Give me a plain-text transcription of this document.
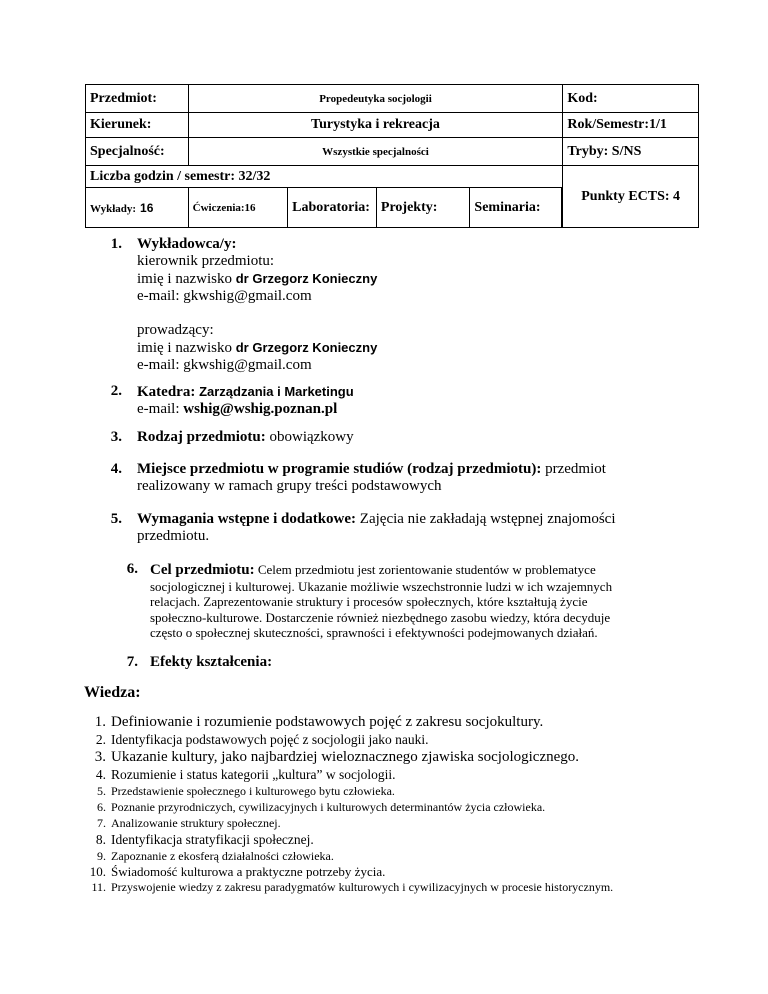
Przedmiot:	Propedeutyka socjologii				Kod:
Kierunek:	Turystyka i rekreacja				Rok/Semestr:1/1
Specjalność:	Wszystkie specjalności				Tryby: S/NS
Liczba godzin / semestr: 32/32					Punkty ECTS: 4
Wykłady: 16	Ćwiczenia:16	Laboratoria:	Projekty:	Seminaria:	
1. Wykładowca/y:
kierownik przedmiotu:
imię i nazwisko dr Grzegorz Konieczny
e-mail: gkwshig@gmail.com
prowadzący:
imię i nazwisko dr Grzegorz Konieczny
e-mail: gkwshig@gmail.com
2. Katedra: Zarządzania i Marketingu
e-mail: wshig@wshig.poznan.pl
3. Rodzaj przedmiotu: obowiązkowy
4. Miejsce przedmiotu w programie studiów (rodzaj przedmiotu): przedmiot
realizowany w ramach grupy treści podstawowych
5. Wymagania wstępne i dodatkowe: Zajęcia nie zakładają wstępnej znajomości
przedmiotu.
6. Cel przedmiotu: Celem przedmiotu jest zorientowanie studentów w problematyce
socjologicznej i kulturowej. Ukazanie możliwie wszechstronnie ludzi w ich wzajemnych
relacjach. Zaprezentowanie struktury i procesów społecznych, które kształtują życie
społeczno-kulturowe. Dostarczenie również niezbędnego zasobu wiedzy, która decyduje
często o społecznej skuteczności, sprawności i efektywności podejmowanych działań.
7. Efekty kształcenia:
Wiedza:
1. Definiowanie i rozumienie podstawowych pojęć z zakresu socjokultury.
2. Identyfikacja podstawowych pojęć z socjologii jako nauki.
3. Ukazanie kultury, jako najbardziej wieloznacznego zjawiska socjologicznego.
4. Rozumienie i status kategorii „kultura” w socjologii.
5. Przedstawienie społecznego i kulturowego bytu człowieka.
6. Poznanie przyrodniczych, cywilizacyjnych i kulturowych determinantów życia człowieka.
7. Analizowanie struktury społecznej.
8. Identyfikacja stratyfikacji społecznej.
9. Zapoznanie z ekosferą działalności człowieka.
10. Świadomość kulturowa a praktyczne potrzeby życia.
11. Przyswojenie wiedzy z zakresu paradygmatów kulturowych i cywilizacyjnych w procesie historycznym.
